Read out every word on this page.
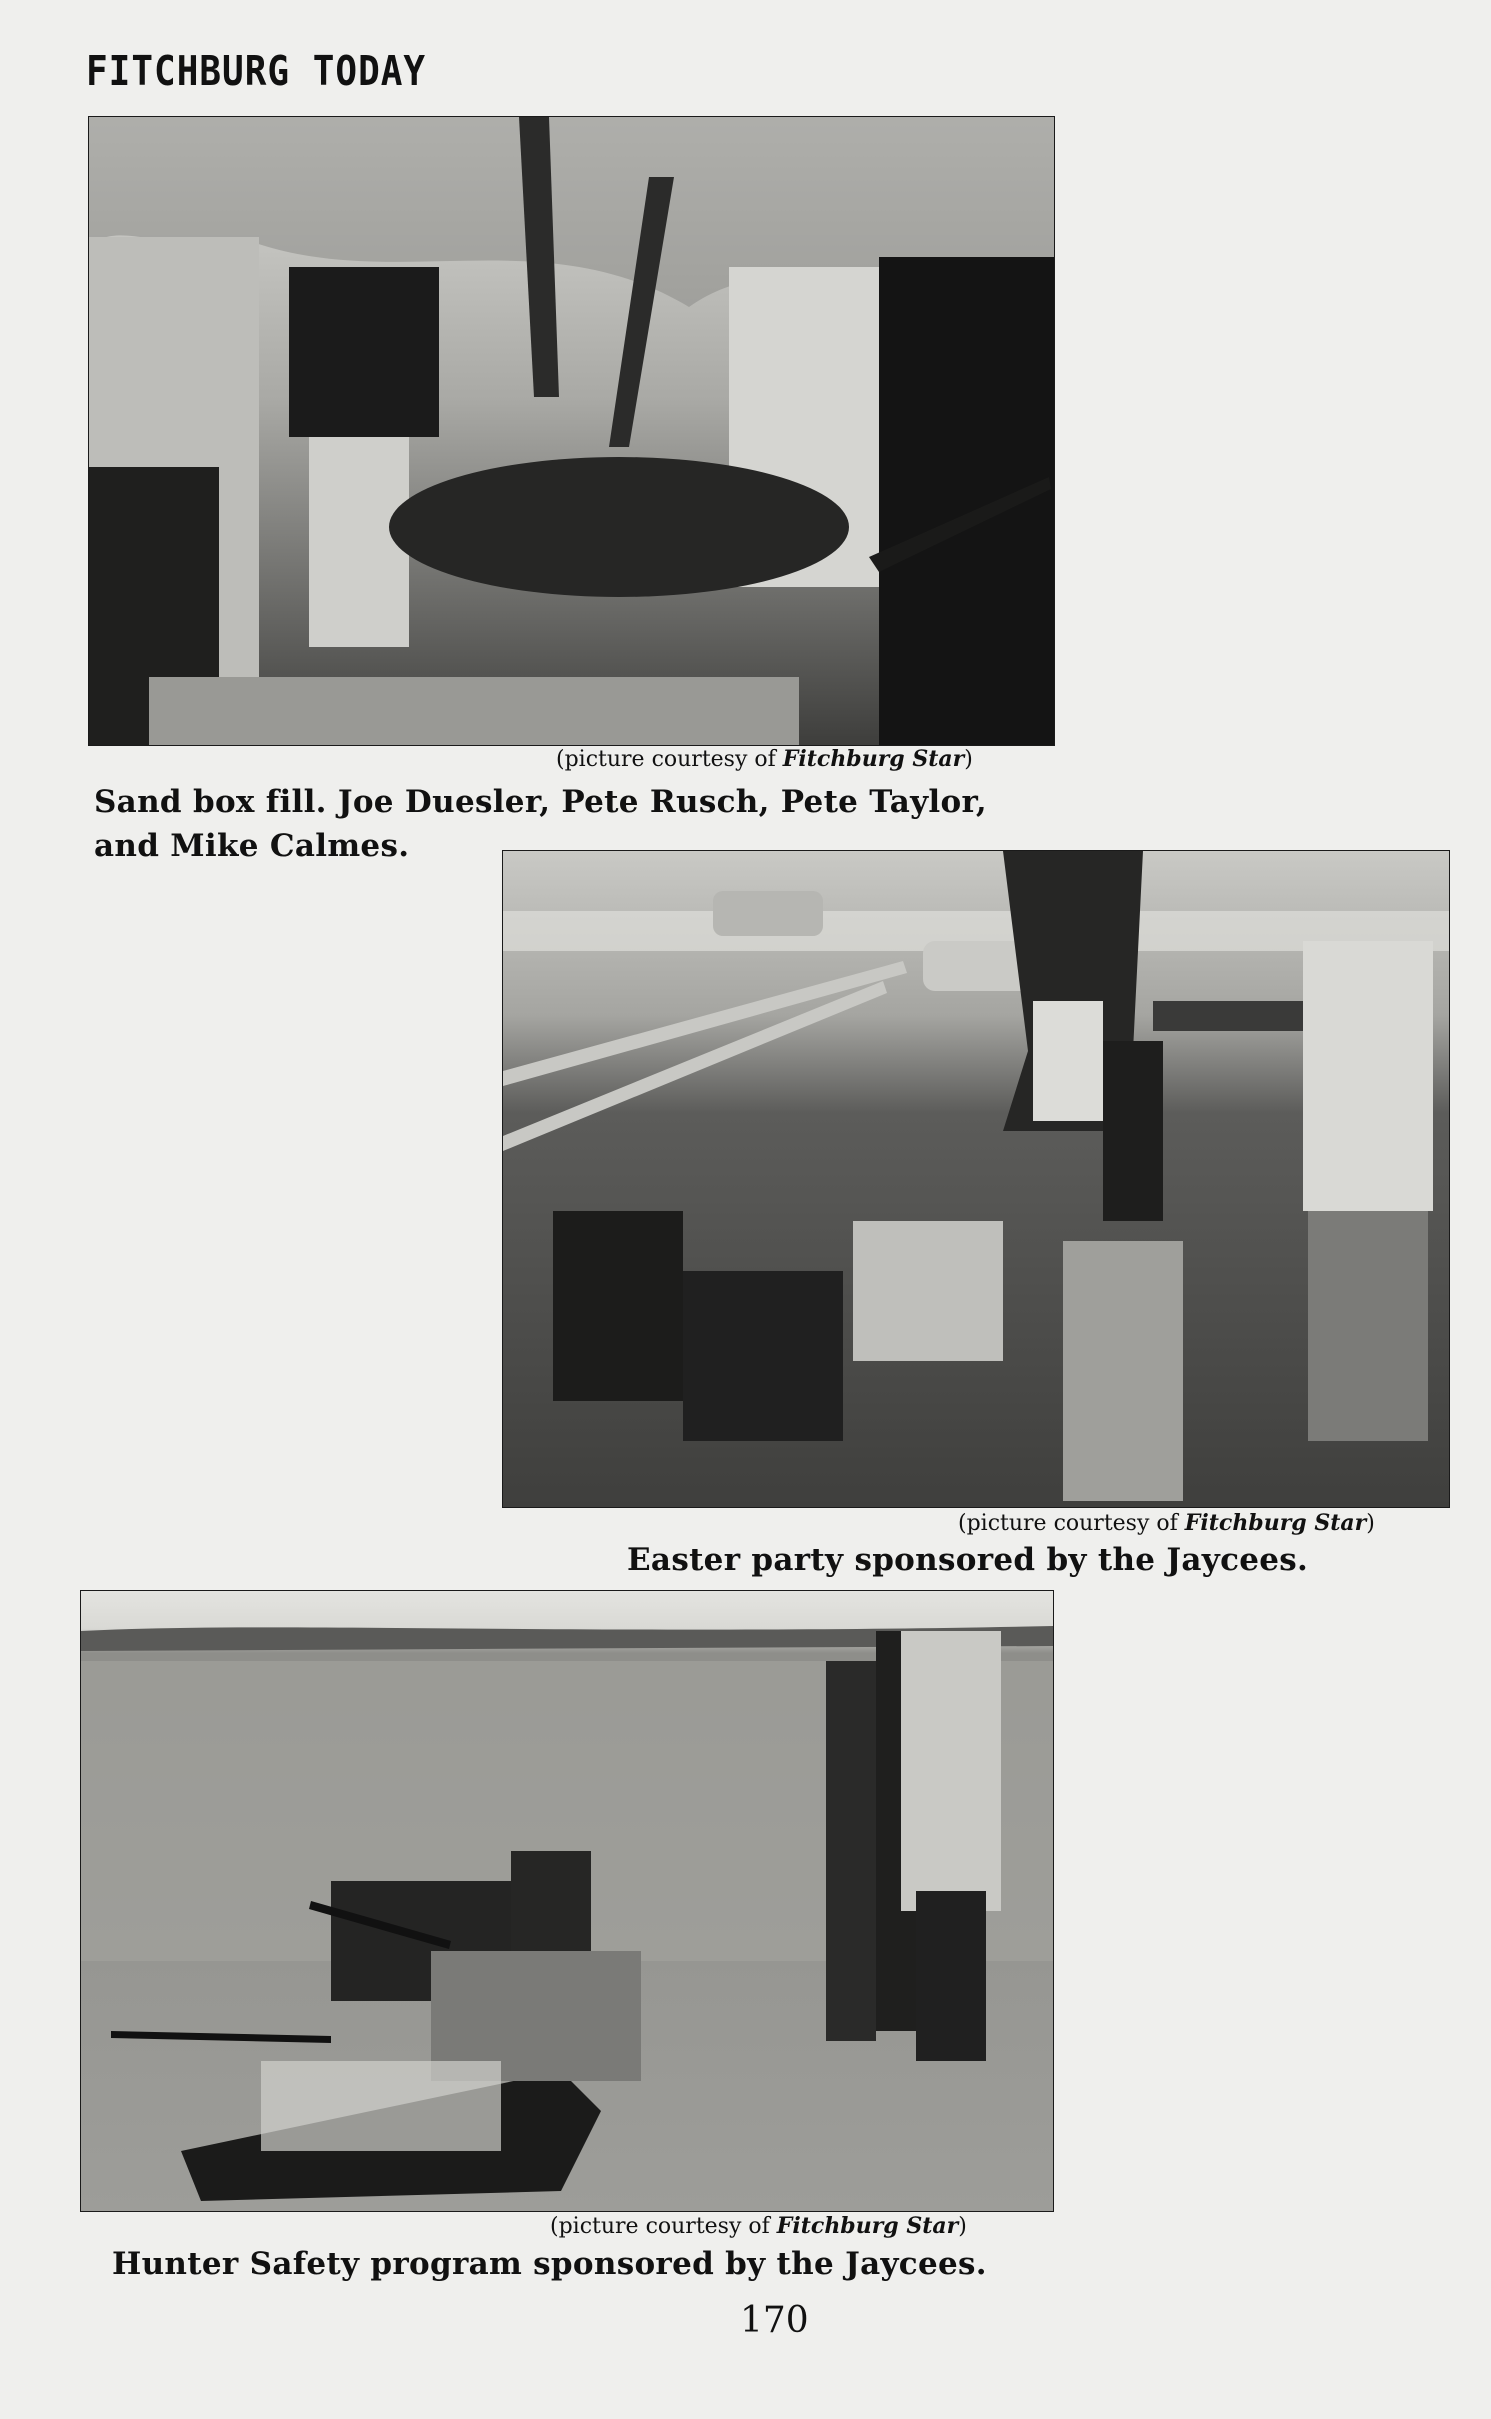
FITCHBURG TODAY
(picture courtesy of Fitchburg Star)
Sand box fill. Joe Duesler, Pete Rusch, Pete Taylor,
and Mike Calmes.
(picture courtesy of Fitchburg Star)
Easter party sponsored by the Jaycees.
(picture courtesy of Fitchburg Star)
Hunter Safety program sponsored by the Jaycees.
170
